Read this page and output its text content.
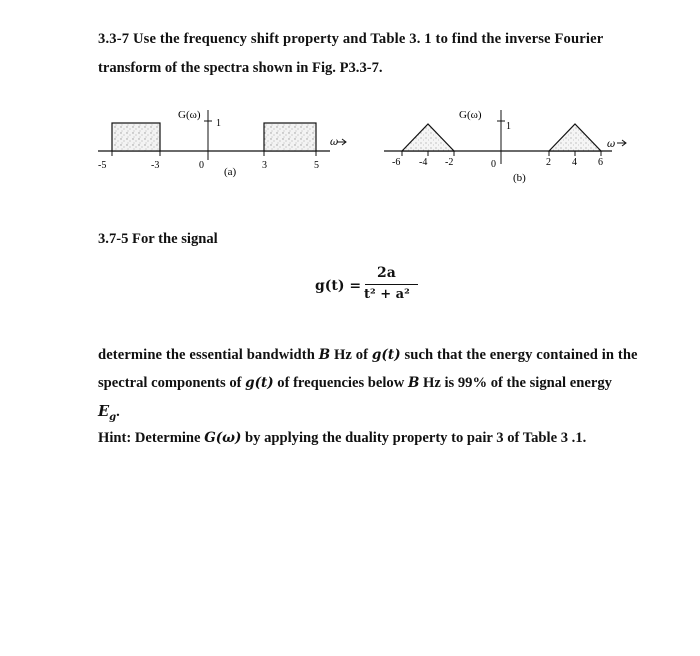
3.3-7 Use the frequency shift property and Table 3. 1 to find the inverse Fourier

transform of the spectra shown in Fig. P3.3-7.

ω
1
G(ω)
-5	-3	0	3	5
(a)
ω
1
G(ω)
-6 -4 -2	0	2 4 6
(b)

3.7-5 For the signal

g(t) =
2a
t² + a²

determine the essential bandwidth B Hz of g(t) such that the energy contained in the

spectral components of g(t) of frequencies below B Hz is 99% of the signal energy

$E_g$.

Hint: Determine G(ω) by applying the duality property to pair 3 of Table 3 .1.
